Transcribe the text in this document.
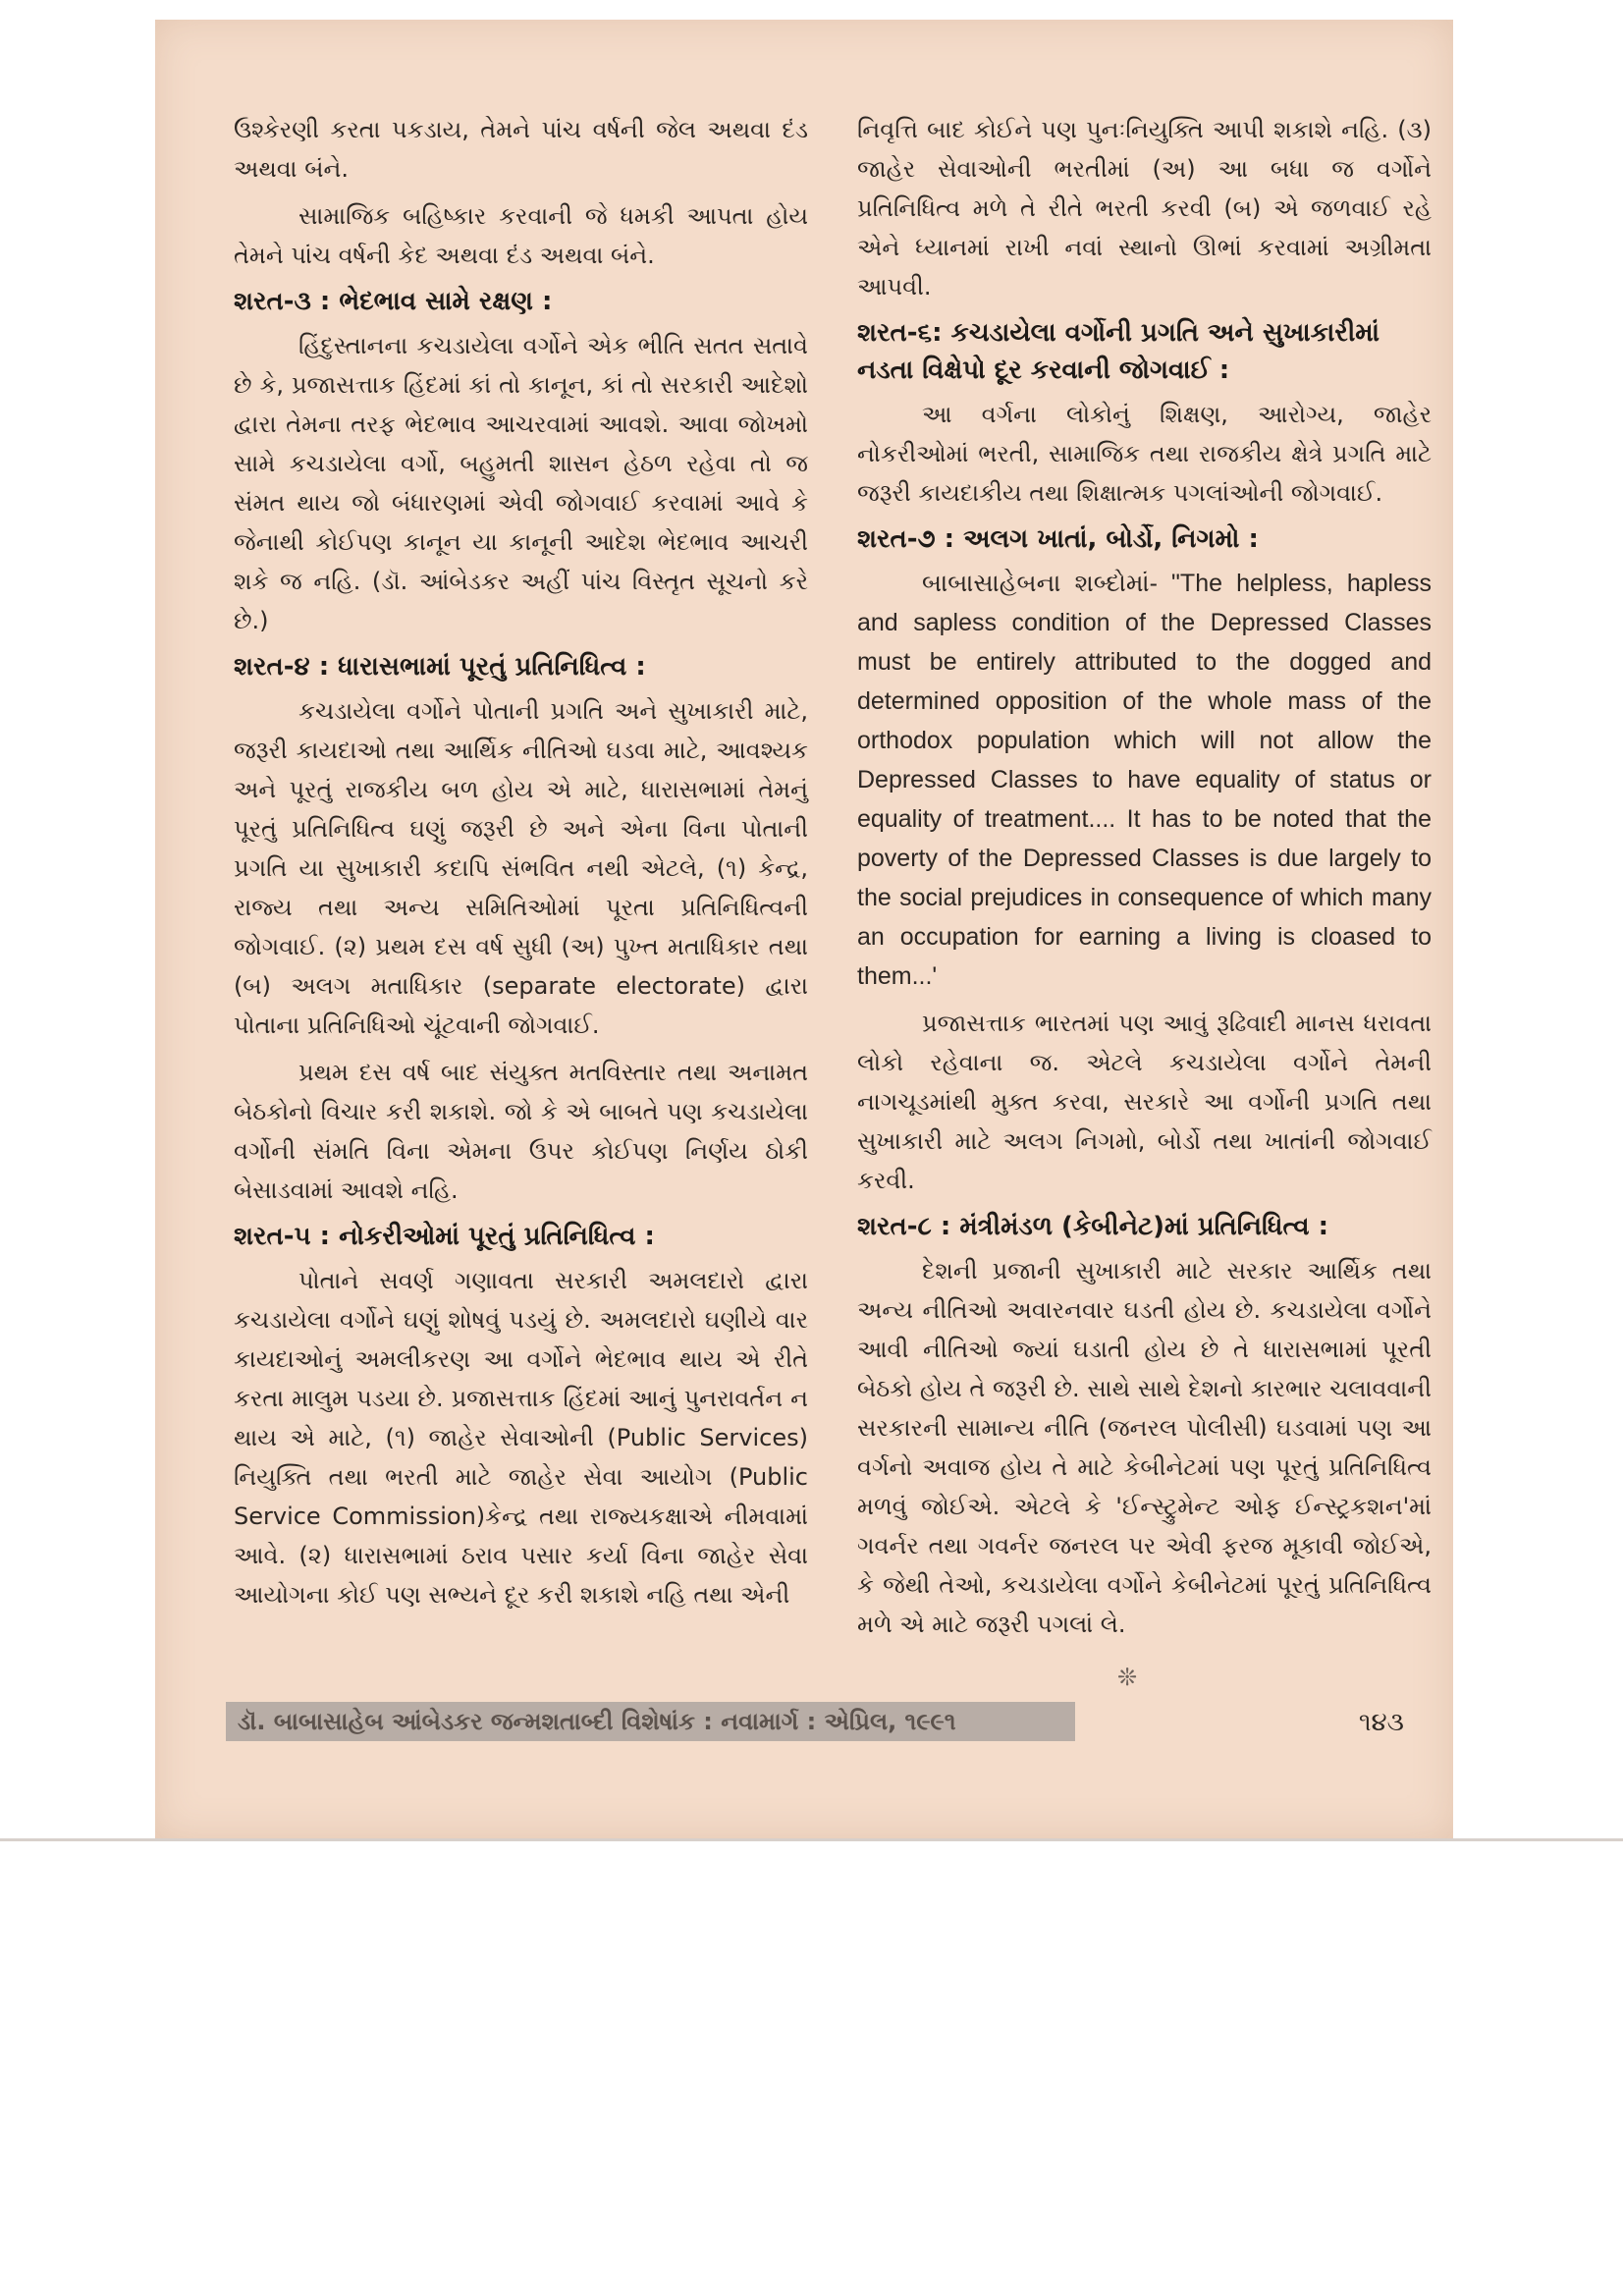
ઉશ્કેરણી કરતા પકડાય, તેમને પાંચ વર્ષની જેલ અથવા દંડ અથવા બંને.

સામાજિક બહિષ્કાર કરવાની જે ધમકી આપતા હોય તેમને પાંચ વર્ષની કેદ અથવા દંડ અથવા બંને.

શરત-૩ : ભેદભાવ સામે રક્ષણ :

હિંદુસ્તાનના કચડાયેલા વર્ગોને એક ભીતિ સતત સતાવે છે કે, પ્રજાસત્તાક હિંદમાં કાં તો કાનૂન, કાં તો સરકારી આદેશો દ્વારા તેમના તરફ ભેદભાવ આચરવામાં આવશે. આવા જોખમો સામે કચડાયેલા વર્ગો, બહુમતી શાસન હેઠળ રહેવા તો જ સંમત થાય જો બંધારણમાં એવી જોગવાઈ કરવામાં આવે કે જેનાથી કોઈપણ કાનૂન યા કાનૂની આદેશ ભેદભાવ આચરી શકે જ નહિ. (ડૉ. આંબેડકર અહીં પાંચ વિસ્તૃત સૂચનો કરે છે.)

શરત-૪ : ધારાસભામાં પૂરતું પ્રતિનિધિત્વ :

કચડાયેલા વર્ગોને પોતાની પ્રગતિ અને સુખાકારી માટે, જરૂરી કાયદાઓ તથા આર્થિક નીતિઓ ઘડવા માટે, આવશ્યક અને પૂરતું રાજકીય બળ હોય એ માટે, ધારાસભામાં તેમનું પૂરતું પ્રતિનિધિત્વ ઘણું જરૂરી છે અને એના વિના પોતાની પ્રગતિ યા સુખાકારી કદાપિ સંભવિત નથી એટલે, (૧) કેન્દ્ર, રાજ્ય તથા અન્ય સમિતિઓમાં પૂરતા પ્રતિનિધિત્વની જોગવાઈ. (૨) પ્રથમ દસ વર્ષ સુધી (અ) પુખ્ત મતાધિકાર તથા (બ) અલગ મતાધિકાર (separate electorate) દ્વારા પોતાના પ્રતિનિધિઓ ચૂંટવાની જોગવાઈ.

પ્રથમ દસ વર્ષ બાદ સંયુક્ત મતવિસ્તાર તથા અનામત બેઠકોનો વિચાર કરી શકાશે. જો કે એ બાબતે પણ કચડાયેલા વર્ગોની સંમતિ વિના એમના ઉપર કોઈપણ નિર્ણય ઠોકી બેસાડવામાં આવશે નહિ.

શરત-૫ : નોકરીઓમાં પૂરતું પ્રતિનિધિત્વ :

પોતાને સવર્ણ ગણાવતા સરકારી અમલદારો દ્વારા કચડાયેલા વર્ગોને ઘણું શોષવું પડયું છે. અમલદારો ઘણીયે વાર કાયદાઓનું અમલીકરણ આ વર્ગોને ભેદભાવ થાય એ રીતે કરતા માલુમ પડયા છે. પ્રજાસત્તાક હિંદમાં આનું પુનરાવર્તન ન થાય એ માટે, (૧) જાહેર સેવાઓની (Public Services) નિયુક્તિ તથા ભરતી માટે જાહેર સેવા આયોગ (Public Service Commission)કેન્દ્ર તથા રાજ્યકક્ષાએ નીમવામાં આવે. (૨) ધારાસભામાં ઠરાવ પસાર કર્યા વિના જાહેર સેવા આયોગના કોઈ પણ સભ્યને દૂર કરી શકાશે નહિ તથા એની

નિવૃત્તિ બાદ કોઈને પણ પુનઃનિયુક્તિ આપી શકાશે નહિ. (૩) જાહેર સેવાઓની ભરતીમાં (અ) આ બધા જ વર્ગોને પ્રતિનિધિત્વ મળે તે રીતે ભરતી કરવી (બ) એ જળવાઈ રહે એને ધ્યાનમાં રાખી નવાં સ્થાનો ઊભાં કરવામાં અગ્રીમતા આપવી.

શરત-૬: કચડાયેલા વર્ગોની પ્રગતિ અને સુખાકારીમાં નડતા વિક્ષેપો દૂર કરવાની જોગવાઈ :

આ વર્ગના લોકોનું શિક્ષણ, આરોગ્ય, જાહેર નોકરીઓમાં ભરતી, સામાજિક તથા રાજકીય ક્ષેત્રે પ્રગતિ માટે જરૂરી કાયદાકીય તથા શિક્ષાત્મક પગલાંઓની જોગવાઈ.

શરત-૭ : અલગ ખાતાં, બોર્ડો, નિગમો :

બાબાસાહેબના શબ્દોમાં- "The helpless, hapless and sapless condition of the Depressed Classes must be entirely attributed to the dogged and determined opposition of the whole mass of the orthodox population which will not allow the Depressed Classes to have equality of status or equality of treatment.... It has to be noted that the poverty of the Depressed Classes is due largely to the social prejudices in consequence of which many an occupation for earning a living is cloased to them...'

પ્રજાસત્તાક ભારતમાં પણ આવું રૂઢિવાદી માનસ ધરાવતા લોકો રહેવાના જ. એટલે કચડાયેલા વર્ગોને તેમની નાગચૂડમાંથી મુક્ત કરવા, સરકારે આ વર્ગોની પ્રગતિ તથા સુખાકારી માટે અલગ નિગમો, બોર્ડો તથા ખાતાંની જોગવાઈ કરવી.

શરત-૮ : મંત્રીમંડળ (કેબીનેટ)માં પ્રતિનિધિત્વ :

દેશની પ્રજાની સુખાકારી માટે સરકાર આર્થિક તથા અન્ય નીતિઓ અવારનવાર ઘડતી હોય છે. કચડાયેલા વર્ગોને આવી નીતિઓ જ્યાં ઘડાતી હોય છે તે ધારાસભામાં પૂરતી બેઠકો હોય તે જરૂરી છે. સાથે સાથે દેશનો કારભાર ચલાવવાની સરકારની સામાન્ય નીતિ (જનરલ પોલીસી) ઘડવામાં પણ આ વર્ગનો અવાજ હોય તે માટે કેબીનેટમાં પણ પૂરતું પ્રતિનિધિત્વ મળવું જોઈએ. એટલે કે 'ઈન્સ્ટ્રુમેન્ટ ઓફ ઈન્સ્ટ્રકશન'માં ગવર્નર તથા ગવર્નર જનરલ પર એવી ફરજ મૂકાવી જોઈએ, કે જેથી તેઓ, કચડાયેલા વર્ગોને કેબીનેટમાં પૂરતું પ્રતિનિધિત્વ મળે એ માટે જરૂરી પગલાં લે.

❊
ડૉ. બાબાસાહેબ આંબેડકર જન્મશતાબ્દી વિશેષાંક : નવામાર્ગ : એપ્રિલ, ૧૯૯૧	૧૪૩
